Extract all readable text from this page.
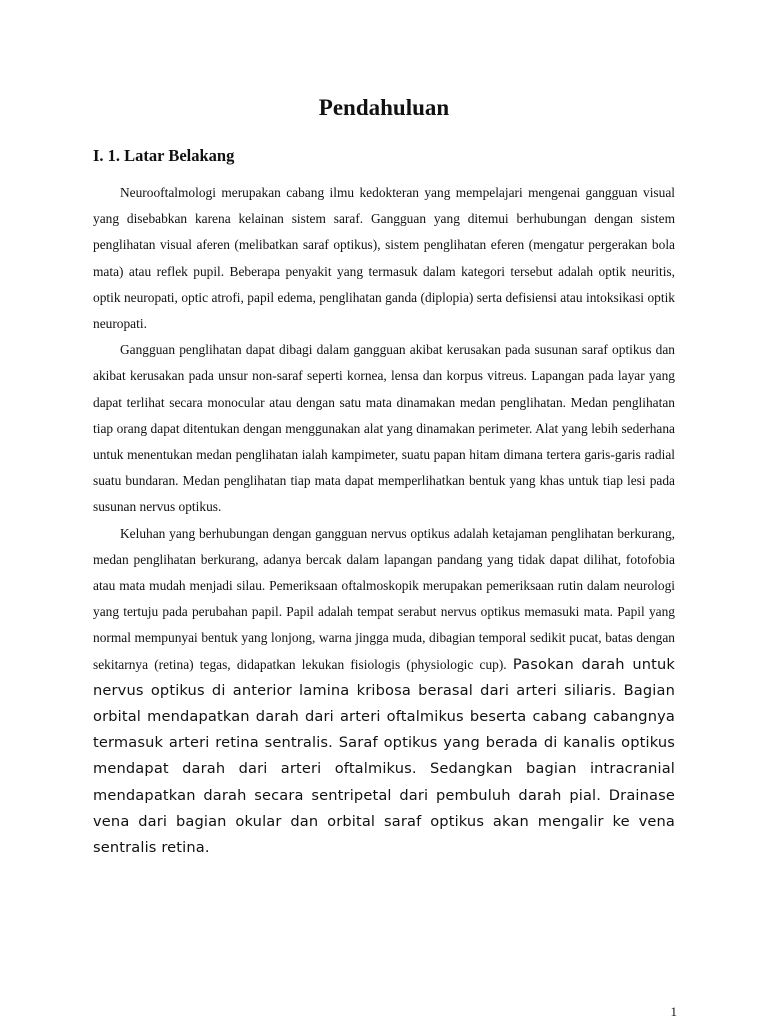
Pendahuluan
I. 1. Latar Belakang

Neurooftalmologi merupakan cabang ilmu kedokteran yang mempelajari mengenai gangguan visual yang disebabkan karena kelainan sistem saraf. Gangguan yang ditemui berhubungan dengan sistem penglihatan visual aferen (melibatkan saraf optikus), sistem penglihatan eferen (mengatur pergerakan bola mata) atau reflek pupil. Beberapa penyakit yang termasuk dalam kategori tersebut adalah optik neuritis, optik neuropati, optic atrofi, papil edema, penglihatan ganda (diplopia) serta defisiensi atau intoksikasi optik neuropati.

Gangguan penglihatan dapat dibagi dalam gangguan akibat kerusakan pada susunan saraf optikus dan akibat kerusakan pada unsur non-saraf seperti kornea, lensa dan korpus vitreus. Lapangan pada layar yang dapat terlihat secara monocular atau dengan satu mata dinamakan medan penglihatan. Medan penglihatan tiap orang dapat ditentukan dengan menggunakan alat yang dinamakan perimeter. Alat yang lebih sederhana untuk menentukan medan penglihatan ialah kampimeter, suatu papan hitam dimana tertera garis-garis radial suatu bundaran. Medan penglihatan tiap mata dapat memperlihatkan bentuk yang khas untuk tiap lesi pada susunan nervus optikus.

Keluhan yang berhubungan dengan gangguan nervus optikus adalah ketajaman penglihatan berkurang, medan penglihatan berkurang, adanya bercak dalam lapangan pandang yang tidak dapat dilihat, fotofobia atau mata mudah menjadi silau. Pemeriksaan oftalmoskopik merupakan pemeriksaan rutin dalam neurologi yang tertuju pada perubahan papil. Papil adalah tempat serabut nervus optikus memasuki mata. Papil yang normal mempunyai bentuk yang lonjong, warna jingga muda, dibagian temporal sedikit pucat, batas dengan sekitarnya (retina) tegas, didapatkan lekukan fisiologis (physiologic cup). Pasokan darah untuk nervus optikus di anterior lamina kribosa berasal dari arteri siliaris. Bagian orbital mendapatkan darah dari arteri oftalmikus beserta cabang cabangnya termasuk arteri retina sentralis. Saraf optikus yang berada di kanalis optikus mendapat darah dari arteri oftalmikus. Sedangkan bagian intracranial mendapatkan darah secara sentripetal dari pembuluh darah pial. Drainase vena dari bagian okular dan orbital saraf optikus akan mengalir ke vena sentralis retina.

1
